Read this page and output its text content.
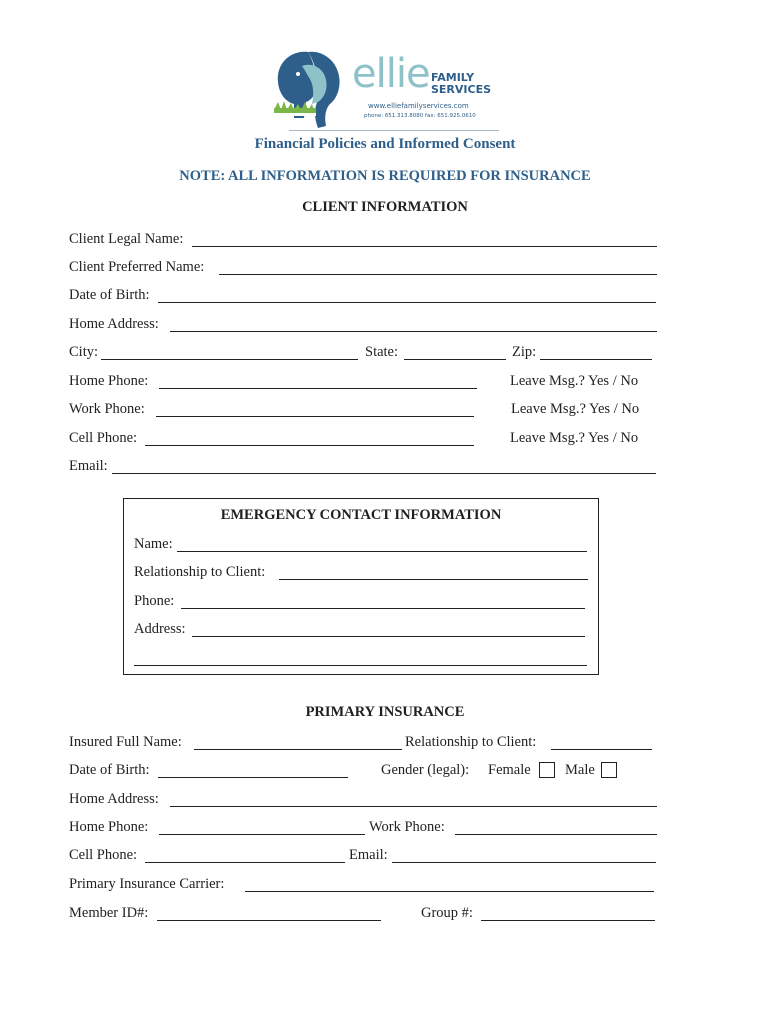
ellie FAMILY
SERVICES
www.elliefamilyservices.com
phone: 651.313.8080 fax: 651.925.0610
Financial Policies and Informed Consent
NOTE: ALL INFORMATION IS REQUIRED FOR INSURANCE
CLIENT INFORMATION
Client Legal Name:
Client Preferred Name:
Date of Birth:
Home Address:
City:	State:	Zip:
Home Phone:	Leave Msg.? Yes / No
Work Phone:	Leave Msg.? Yes / No
Cell Phone:	Leave Msg.? Yes / No
Email:
EMERGENCY CONTACT INFORMATION
Name:
Relationship to Client:
Phone:
Address:
PRIMARY INSURANCE
Insured Full Name:	Relationship to Client:
Date of Birth:	Gender (legal): Female Male
Home Address:
Home Phone:	Work Phone:
Cell Phone:	Email:
Primary Insurance Carrier:
Member ID#:	Group #:
